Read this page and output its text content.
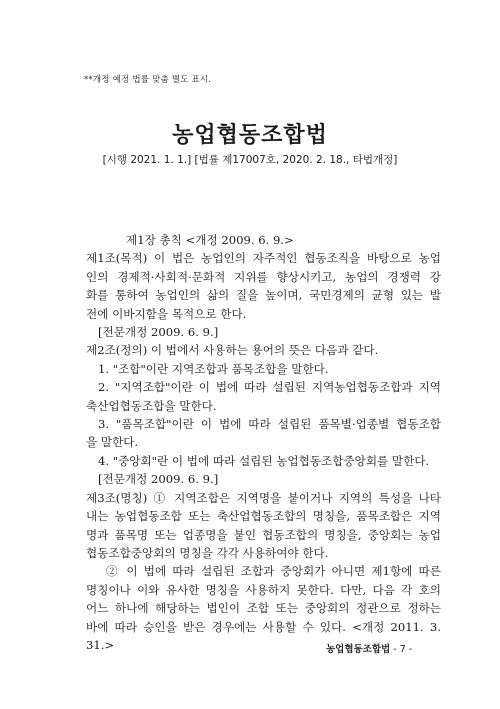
**개정 예정 법률 맞춤 별도 표시.
농업협동조합법
[시행 2021. 1. 1.] [법률 제17007호, 2020. 2. 18., 타법개정]
제1장 총칙 <개정 2009. 6. 9.>
제1조(목적) 이 법은 농업인의 자주적인 협동조직을 바탕으로 농업
인의 경제적·사회적·문화적 지위를 향상시키고, 농업의 경쟁력 강
화를 통하여 농업인의 삶의 질을 높이며, 국민경제의 균형 있는 발
전에 이바지함을 목적으로 한다.
[전문개정 2009. 6. 9.]
제2조(정의) 이 법에서 사용하는 용어의 뜻은 다음과 같다.
1. "조합"이란 지역조합과 품목조합을 말한다.
2. "지역조합"이란 이 법에 따라 설립된 지역농업협동조합과 지역
축산업협동조합을 말한다.
3. "품목조합"이란 이 법에 따라 설립된 품목별·업종별 협동조합
을 말한다.
4. "중앙회"란 이 법에 따라 설립된 농업협동조합중앙회를 말한다.
[전문개정 2009. 6. 9.]
제3조(명칭) ① 지역조합은 지역명을 붙이거나 지역의 특성을 나타
내는 농업협동조합 또는 축산업협동조합의 명칭을, 품목조합은 지역
명과 품목명 또는 업종명을 붙인 협동조합의 명칭을, 중앙회는 농업
협동조합중앙회의 명칭을 각각 사용하여야 한다.
② 이 법에 따라 설립된 조합과 중앙회가 아니면 제1항에 따른
명칭이나 이와 유사한 명칭을 사용하지 못한다. 다만, 다음 각 호의
어느 하나에 해당하는 법인이 조합 또는 중앙회의 정관으로 정하는
바에 따라 승인을 받은 경우에는 사용할 수 있다. <개정 2011. 3.
31.>	농업협동조합법 - 7 -
